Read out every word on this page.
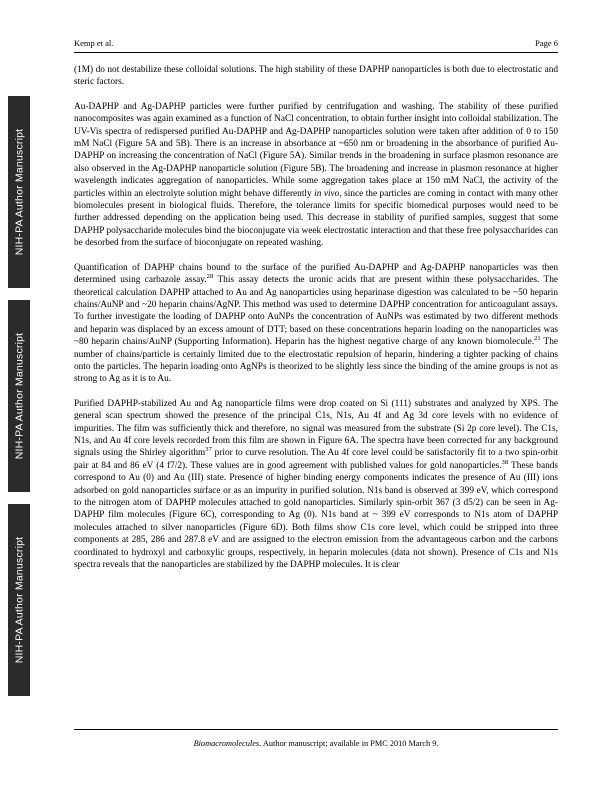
NIH-PA Author Manuscript
NIH-PA Author Manuscript
NIH-PA Author Manuscript
Kemp et al.	Page 6

(1M) do not destabilize these colloidal solutions. The high stability of these DAPHP nanoparticles is both due to electrostatic and steric factors.

Au-DAPHP and Ag-DAPHP particles were further purified by centrifugation and washing. The stability of these purified nanocomposites was again examined as a function of NaCl concentration, to obtain further insight into colloidal stabilization. The UV-Vis spectra of redispersed purified Au-DAPHP and Ag-DAPHP nanoparticles solution were taken after addition of 0 to 150 mM NaCl (Figure 5A and 5B). There is an increase in absorbance at ~650 nm or broadening in the absorbance of purified Au-DAPHP on increasing the concentration of NaCl (Figure 5A). Similar trends in the broadening in surface plasmon resonance are also observed in the Ag-DAPHP nanoparticle solution (Figure 5B). The broadening and increase in plasmon resonance at higher wavelength indicates aggregation of nanoparticles. While some aggregation takes place at 150 mM NaCl, the activity of the particles within an electrolyte solution might behave differently in vivo, since the particles are coming in contact with many other biomolecules present in biological fluids. Therefore, the tolerance limits for specific biomedical purposes would need to be further addressed depending on the application being used. This decrease in stability of purified samples, suggest that some DAPHP polysaccharide molecules bind the bioconjugate via week electrostatic interaction and that these free polysaccharides can be desorbed from the surface of bioconjugate on repeated washing.

Quantification of DAPHP chains bound to the surface of the purified Au-DAPHP and Ag-DAPHP nanoparticles was then determined using carbazole assay.$^{28}$ This assay detects the uronic acids that are present within these polysaccharides. The theoretical calculation DAPHP attached to Au and Ag nanoparticles using heparinase digestion was calculated to be ~50 heparin chains/AuNP and ~20 heparin chains/AgNP. This method was used to determine DAPHP concentration for anticoagulant assays. To further investigate the loading of DAPHP onto AuNPs the concentration of AuNPs was estimated by two different methods and heparin was displaced by an excess amount of DTT; based on these concentrations heparin loading on the nanoparticles was ~80 heparin chains/AuNP (Supporting Information). Heparin has the highest negative charge of any known biomolecule.$^{21}$ The number of chains/particle is certainly limited due to the electrostatic repulsion of heparin, hindering a tighter packing of chains onto the particles. The heparin loading onto AgNPs is theorized to be slightly less since the binding of the amine groups is not as strong to Ag as it is to Au.

Purified DAPHP-stabilized Au and Ag nanoparticle films were drop coated on Si (111) substrates and analyzed by XPS. The general scan spectrum showed the presence of the principal C1s, N1s, Au 4f and Ag 3d core levels with no evidence of impurities. The film was sufficiently thick and therefore, no signal was measured from the substrate (Si 2p core level). The C1s, N1s, and Au 4f core levels recorded from this film are shown in Figure 6A. The spectra have been corrected for any background signals using the Shirley algorithm$^{37}$ prior to curve resolution. The Au 4f core level could be satisfactorily fit to a two spin-orbit pair at 84 and 86 eV (4 f7/2). These values are in good agreement with published values for gold nanoparticles.$^{38}$ These bands correspond to Au (0) and Au (III) state. Presence of higher binding energy components indicates the presence of Au (III) ions adsorbed on gold nanoparticles surface or as an impurity in purified solution. N1s band is observed at 399 eV, which correspond to the nitrogen atom of DAPHP molecules attached to gold nanoparticles. Similarly spin-orbit 367 (3 d5/2) can be seen in Ag-DAPHP film molecules (Figure 6C), corresponding to Ag (0). N1s band at ~ 399 eV corresponds to N1s atom of DAPHP molecules attached to silver nanoparticles (Figure 6D). Both films show C1s core level, which could be stripped into three components at 285, 286 and 287.8 eV and are assigned to the electron emission from the advantageous carbon and the carbons coordinated to hydroxyl and carboxylic groups, respectively, in heparin molecules (data not shown). Presence of C1s and N1s spectra reveals that the nanoparticles are stabilized by the DAPHP molecules. It is clear

Biomacromolecules. Author manuscript; available in PMC 2010 March 9.
